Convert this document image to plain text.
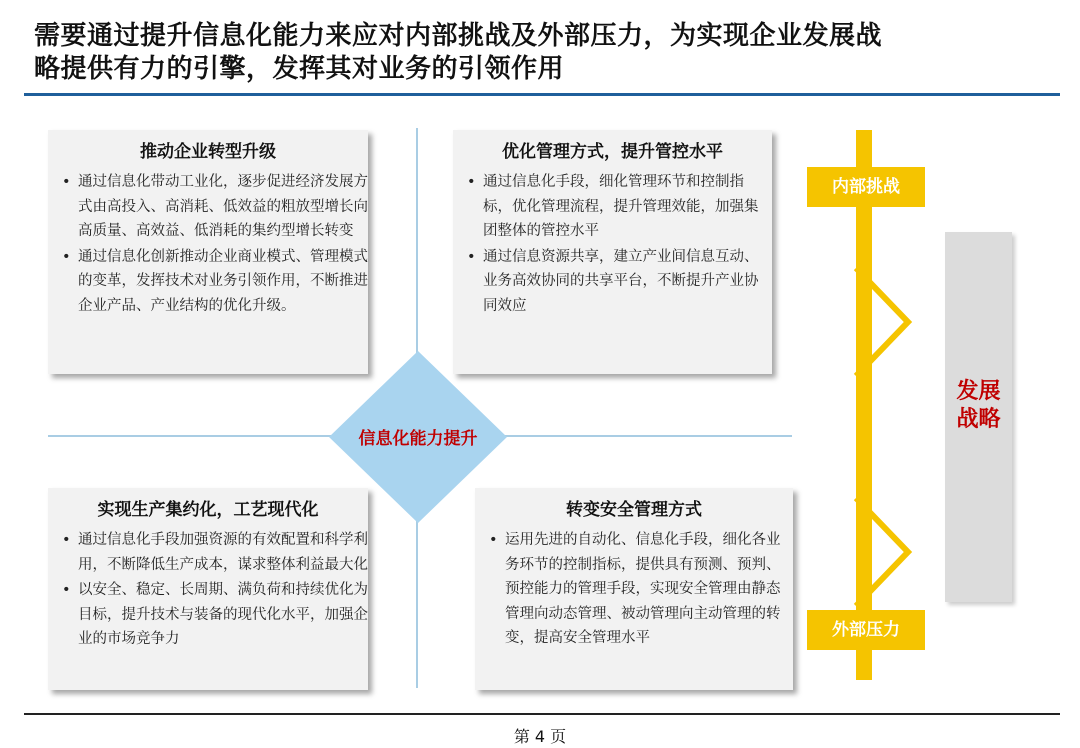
需要通过提升信息化能力来应对内部挑战及外部压力，为实现企业发展战
略提供有力的引擎，发挥其对业务的引领作用
推动企业转型升级
• 通过信息化带动工业化，逐步促进经济发展方式由高投入、高消耗、低效益的粗放型增长向高质量、高效益、低消耗的集约型增长转变
• 通过信息化创新推动企业商业模式、管理模式的变革，发挥技术对业务引领作用，不断推进企业产品、产业结构的优化升级。
优化管理方式，提升管控水平
• 通过信息化手段，细化管理环节和控制指标，优化管理流程，提升管理效能，加强集团整体的管控水平
• 通过信息资源共享，建立产业间信息互动、业务高效协同的共享平台，不断提升产业协同效应
实现生产集约化，工艺现代化
• 通过信息化手段加强资源的有效配置和科学利用，不断降低生产成本，谋求整体利益最大化
• 以安全、稳定、长周期、满负荷和持续优化为目标，提升技术与装备的现代化水平，加强企业的市场竞争力
转变安全管理方式
• 运用先进的自动化、信息化手段，细化各业务环节的控制指标，提供具有预测、预判、预控能力的管理手段，实现安全管理由静态管理向动态管理、被动管理向主动管理的转变，提高安全管理水平
信息化能力提升
内部挑战
外部压力
发展
战略
第 4 页
